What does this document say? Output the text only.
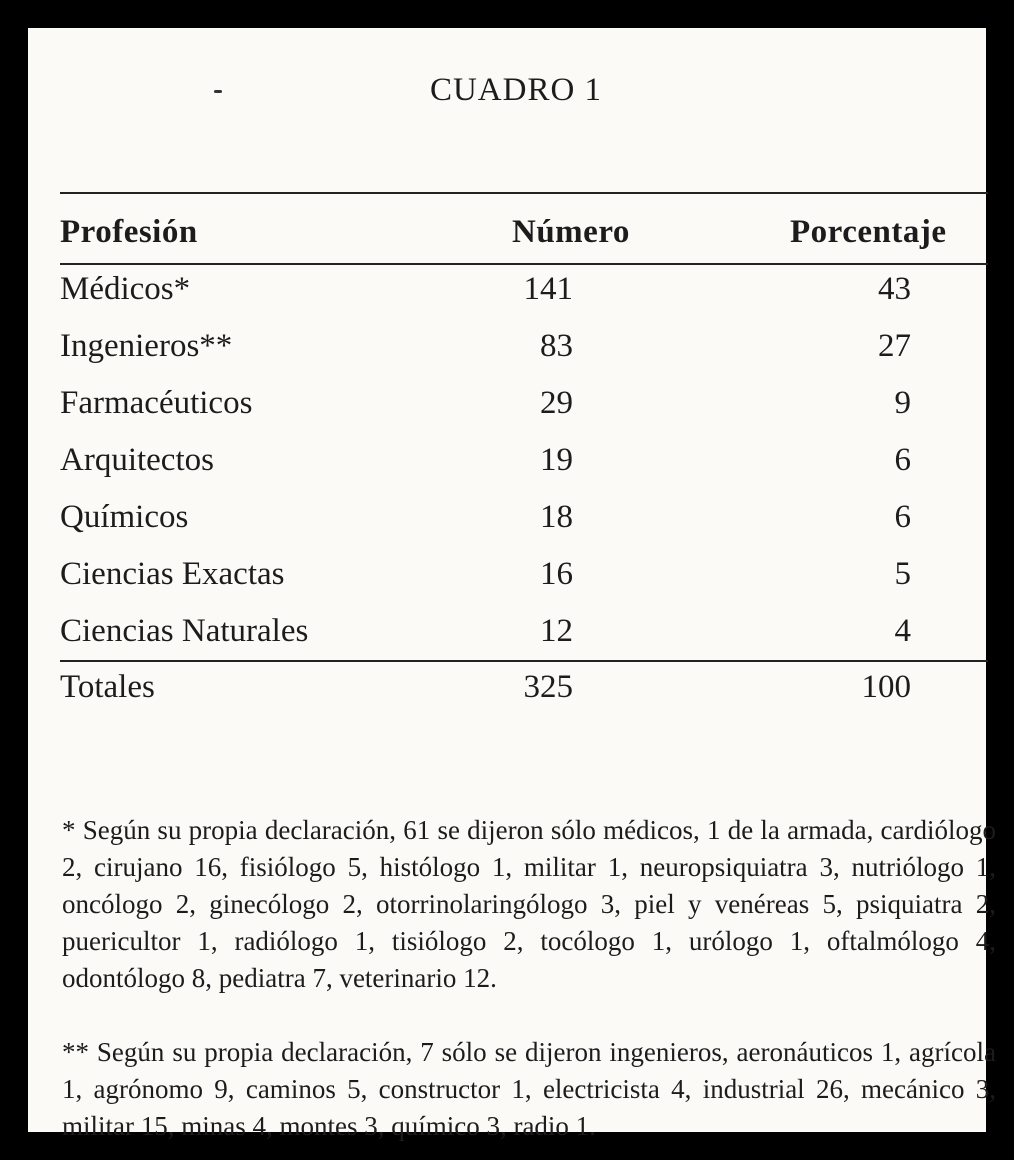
CUADRO 1
Profesión	Número	Porcentaje
Médicos*	141	43
Ingenieros**	83	27
Farmacéuticos	29	9
Arquitectos	19	6
Químicos	18	6
Ciencias Exactas	16	5
Ciencias Naturales	12	4
Totales	325	100

* Según su propia declaración, 61 se dijeron sólo médicos, 1 de la armada, cardiólogo 2, cirujano 16, fisiólogo 5, histólogo 1, militar 1, neuropsiquiatra 3, nutriólogo 1, oncólogo 2, ginecólogo 2, otorrinolaringólogo 3, piel y venéreas 5, psiquiatra 2, puericultor 1, radiólogo 1, tisiólogo 2, tocólogo 1, urólogo 1, oftalmólogo 4, odontólogo 8, pediatra 7, veterinario 12.

** Según su propia declaración, 7 sólo se dijeron ingenieros, aeronáuticos 1, agrícola 1, agrónomo 9, caminos 5, constructor 1, electricista 4, industrial 26, mecánico 3, militar 15, minas 4, montes 3, químico 3, radio 1.
